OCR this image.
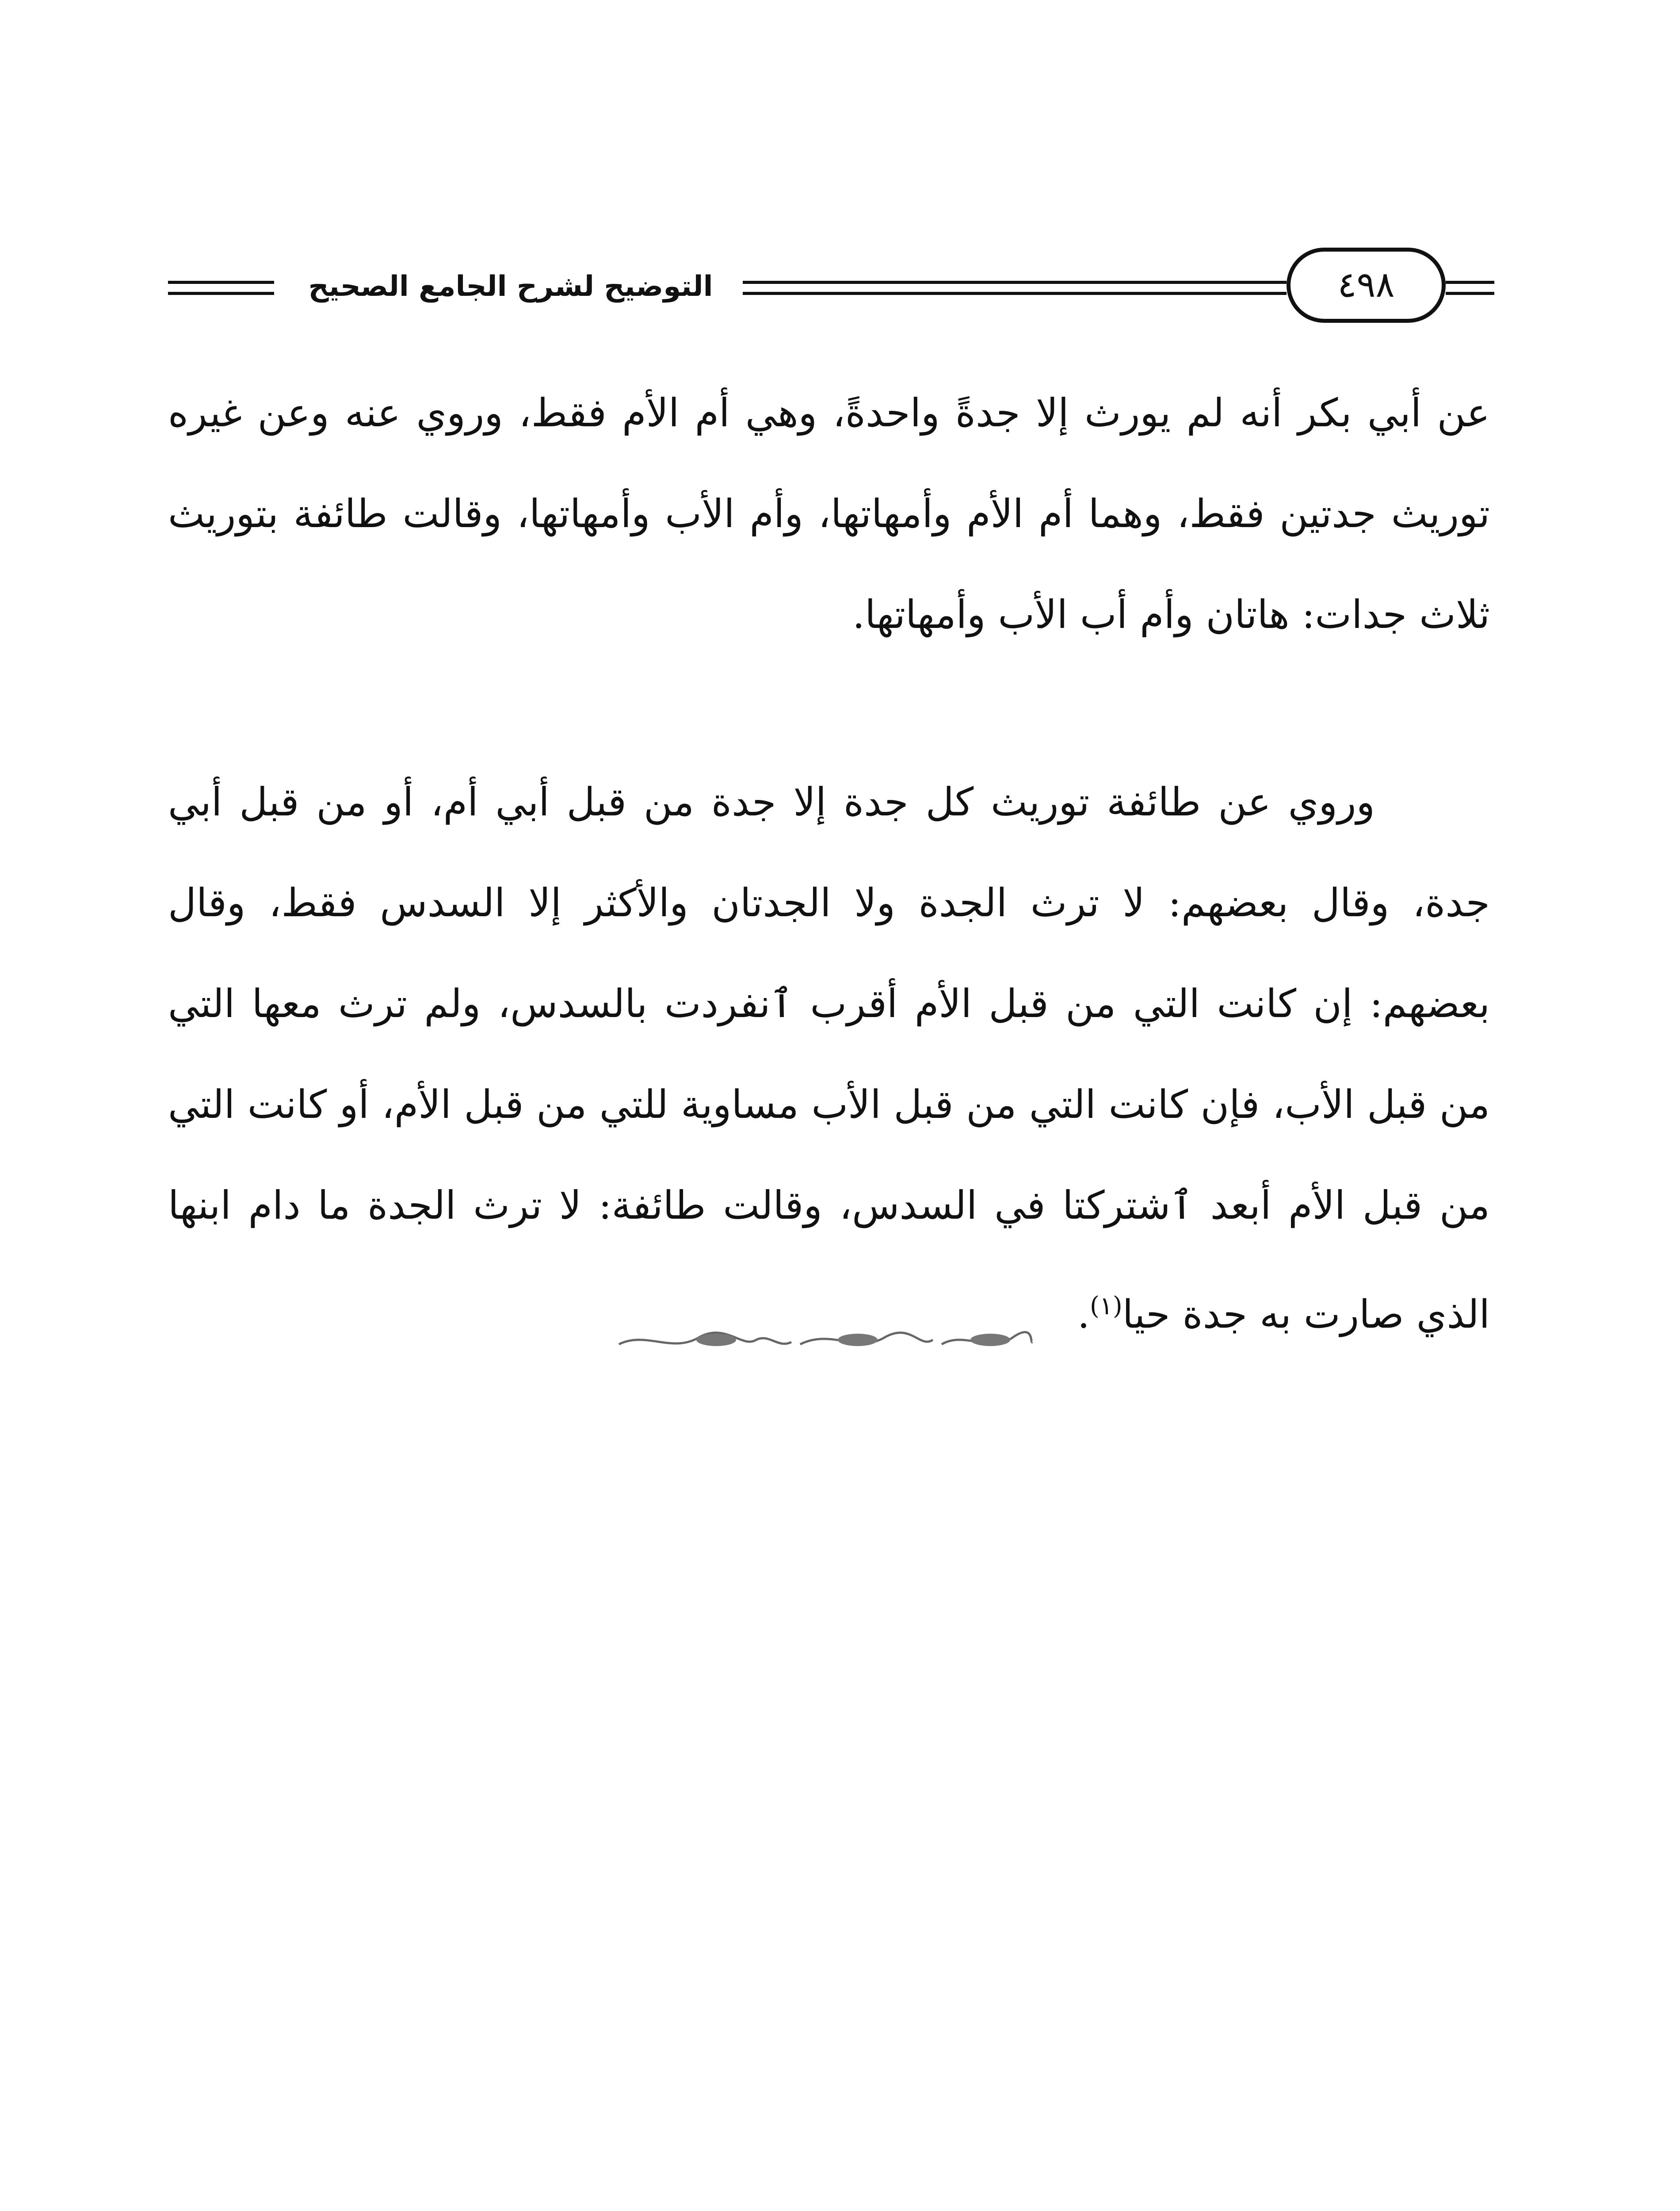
التوضيح لشرح الجامع الصحيح	٤٩٨

عن أبي بكر أنه لم يورث إلا جدةً واحدةً، وهي أم الأم فقط، وروي عنه وعن غيره توريث جدتين فقط، وهما أم الأم وأمهاتها، وأم الأب وأمهاتها، وقالت طائفة بتوريث ثلاث جدات: هاتان وأم أب الأب وأمهاتها.

وروي عن طائفة توريث كل جدة إلا جدة من قبل أبي أم، أو من قبل أبي جدة، وقال بعضهم: لا ترث الجدة ولا الجدتان والأكثر إلا السدس فقط، وقال بعضهم: إن كانت التي من قبل الأم أقرب ٱنفردت بالسدس، ولم ترث معها التي من قبل الأب، فإن كانت التي من قبل الأب مساوية للتي من قبل الأم، أو كانت التي من قبل الأم أبعد ٱشتركتا في السدس، وقالت طائفة: لا ترث الجدة ما دام ابنها الذي صارت به جدة حيا$^{(١)}$.
